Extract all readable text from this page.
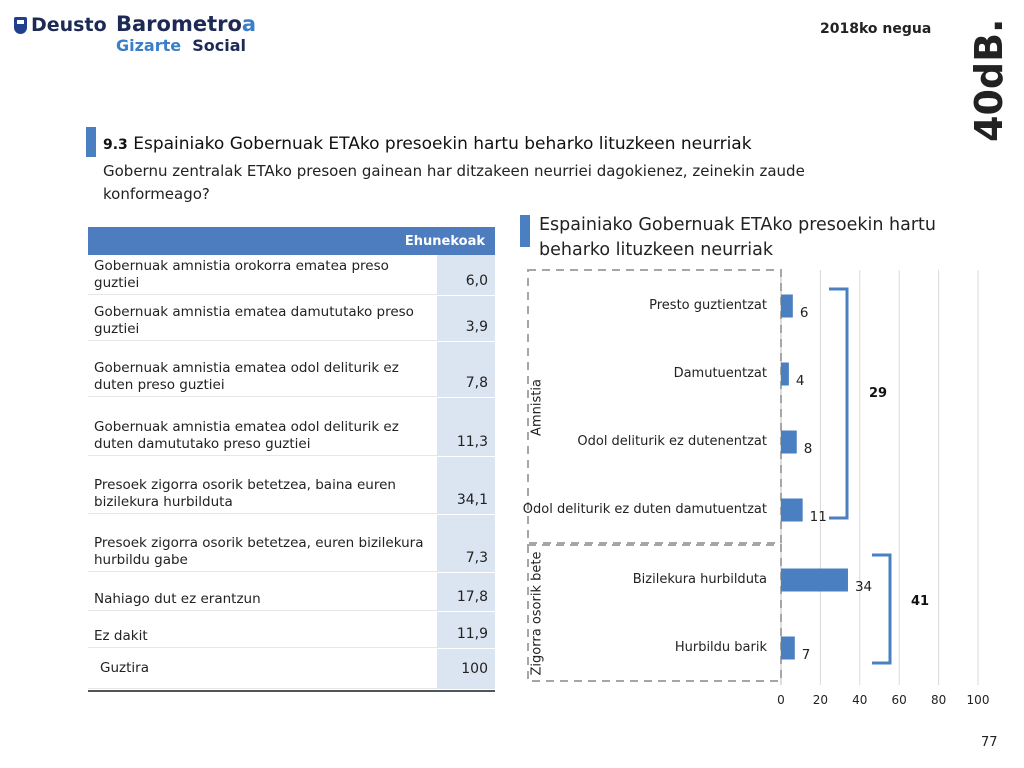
Deusto Barometroa
Gizarte Social
2018ko negua 40dB.
9.3 Espainiako Gobernuak ETAko presoekin hartu beharko lituzkeen neurriak
Gobernu zentralak ETAko presoen gainean har ditzakeen neurriei dagokienez, zeinekin zaude konformeago?
Ehunekoak
Gobernuak amnistia orokorra ematea preso guztiei	6,0
Gobernuak amnistia ematea damututako preso guztiei	3,9
Gobernuak amnistia ematea odol deliturik ez duten preso guztiei	7,8
Gobernuak amnistia ematea odol deliturik ez duten damututako preso guztiei	11,3
Presoek zigorra osorik betetzea, baina euren bizilekura hurbilduta	34,1
Presoek zigorra osorik betetzea, euren bizilekura hurbildu gabe	7,3
Nahiago dut ez erantzun	17,8
Ez dakit	11,9
Guztira	100
Espainiako Gobernuak ETAko presoekin hartu beharko lituzkeen neurriak
Presto guztientzat
Damutuentzat
Odol deliturik ez dutenentzat
Odol deliturik ez duten damutuentzat
Bizilekura hurbilduta
Hurbildu barik
6
4
8
11
34
7
0 20 40 60 80 100
Amnistia
Zigorra osorik bete
29
41
77
